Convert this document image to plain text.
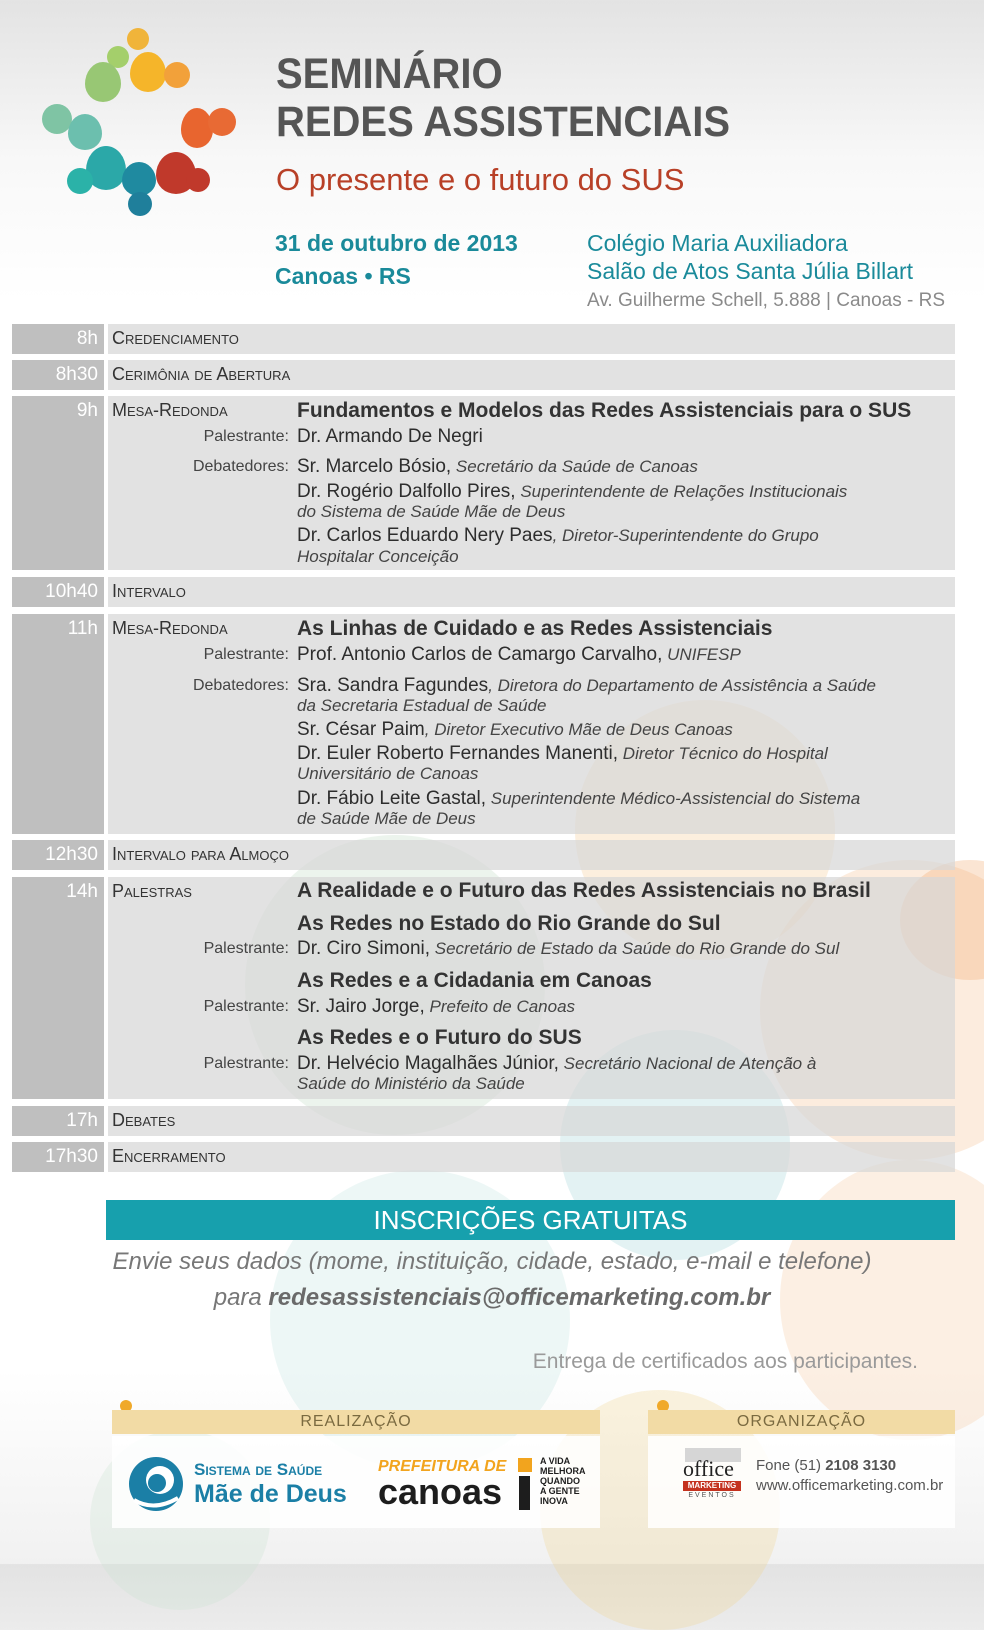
SEMINÁRIO
REDES ASSISTENCIAIS
O presente e o futuro do SUS
31 de outubro de 2013
Canoas • RS
Colégio Maria Auxiliadora
Salão de Atos Santa Júlia Billart
Av. Guilherme Schell, 5.888 | Canoas - RS
8h Credenciamento
8h30 Cerimônia de Abertura
9h Mesa-Redonda	Fundamentos e Modelos das Redes Assistenciais para o SUS
Palestrante: Dr. Armando De Negri
Debatedores: Sr. Marcelo Bósio, Secretário da Saúde de Canoas
Dr. Rogério Dalfollo Pires, Superintendente de Relações Institucionais
do Sistema de Saúde Mãe de Deus
Dr. Carlos Eduardo Nery Paes, Diretor-Superintendente do Grupo
Hospitalar Conceição
10h40 Intervalo
11h Mesa-Redonda	As Linhas de Cuidado e as Redes Assistenciais
Palestrante: Prof. Antonio Carlos de Camargo Carvalho, UNIFESP
Debatedores: Sra. Sandra Fagundes, Diretora do Departamento de Assistência a Saúde
da Secretaria Estadual de Saúde
Sr. César Paim, Diretor Executivo Mãe de Deus Canoas
Dr. Euler Roberto Fernandes Manenti, Diretor Técnico do Hospital
Universitário de Canoas
Dr. Fábio Leite Gastal, Superintendente Médico-Assistencial do Sistema
de Saúde Mãe de Deus
12h30 Intervalo para Almoço
14h Palestras	A Realidade e o Futuro das Redes Assistenciais no Brasil
As Redes no Estado do Rio Grande do Sul
Palestrante: Dr. Ciro Simoni, Secretário de Estado da Saúde do Rio Grande do Sul
As Redes e a Cidadania em Canoas
Palestrante: Sr. Jairo Jorge, Prefeito de Canoas
As Redes e o Futuro do SUS
Palestrante: Dr. Helvécio Magalhães Júnior, Secretário Nacional de Atenção à
Saúde do Ministério da Saúde
17h Debates
17h30 Encerramento
INSCRIÇÕES GRATUITAS
Envie seus dados (mome, instituição, cidade, estado, e-mail e telefone)
para redesassistenciais@officemarketing.com.br
Entrega de certificados aos participantes.
REALIZAÇÃO	ORGANIZAÇÃO
Sistema de Saúde
Mãe de Deus
PREFEITURA DE
canoas
A VIDA
MELHORA
QUANDO
A GENTE
INOVA
office
MARKETING
EVENTOS
Fone (51) 2108 3130
www.officemarketing.com.br
